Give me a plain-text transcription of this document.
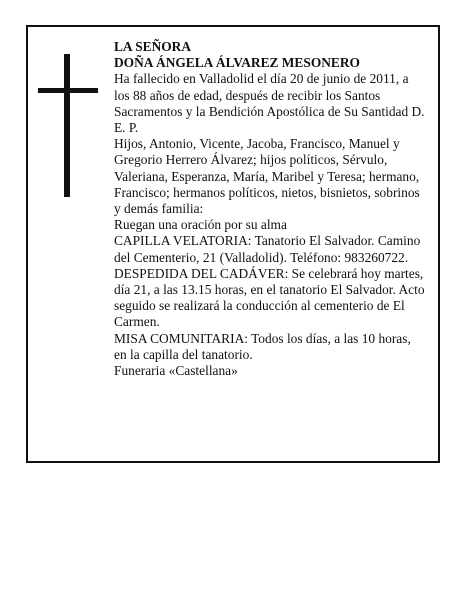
LA SEÑORA

DOÑA ÁNGELA ÁLVAREZ MESONERO

Ha fallecido en Valladolid el día 20 de junio de 2011, a los 88 años de edad, después de recibir los Santos Sacramentos y la Bendición Apostólica de Su Santidad D. E. P.

Hijos, Antonio, Vicente, Jacoba, Francisco, Manuel y Gregorio Herrero Álvarez; hijos políticos, Sérvulo, Valeriana, Esperanza, María, Maribel y Teresa; hermano, Francisco; hermanos políticos, nietos, bisnietos, sobrinos y demás familia:

Ruegan una oración por su alma

CAPILLA VELATORIA: Tanatorio El Salvador. Camino del Cementerio, 21 (Valladolid). Teléfono: 983260722.

DESPEDIDA DEL CADÁVER: Se celebrará hoy martes, día 21, a las 13.15 horas, en el tanatorio El Salvador. Acto seguido se realizará la conducción al cementerio de El Carmen.

MISA COMUNITARIA: Todos los días, a las 10 horas, en la capilla del tanatorio.

Funeraria «Castellana»
